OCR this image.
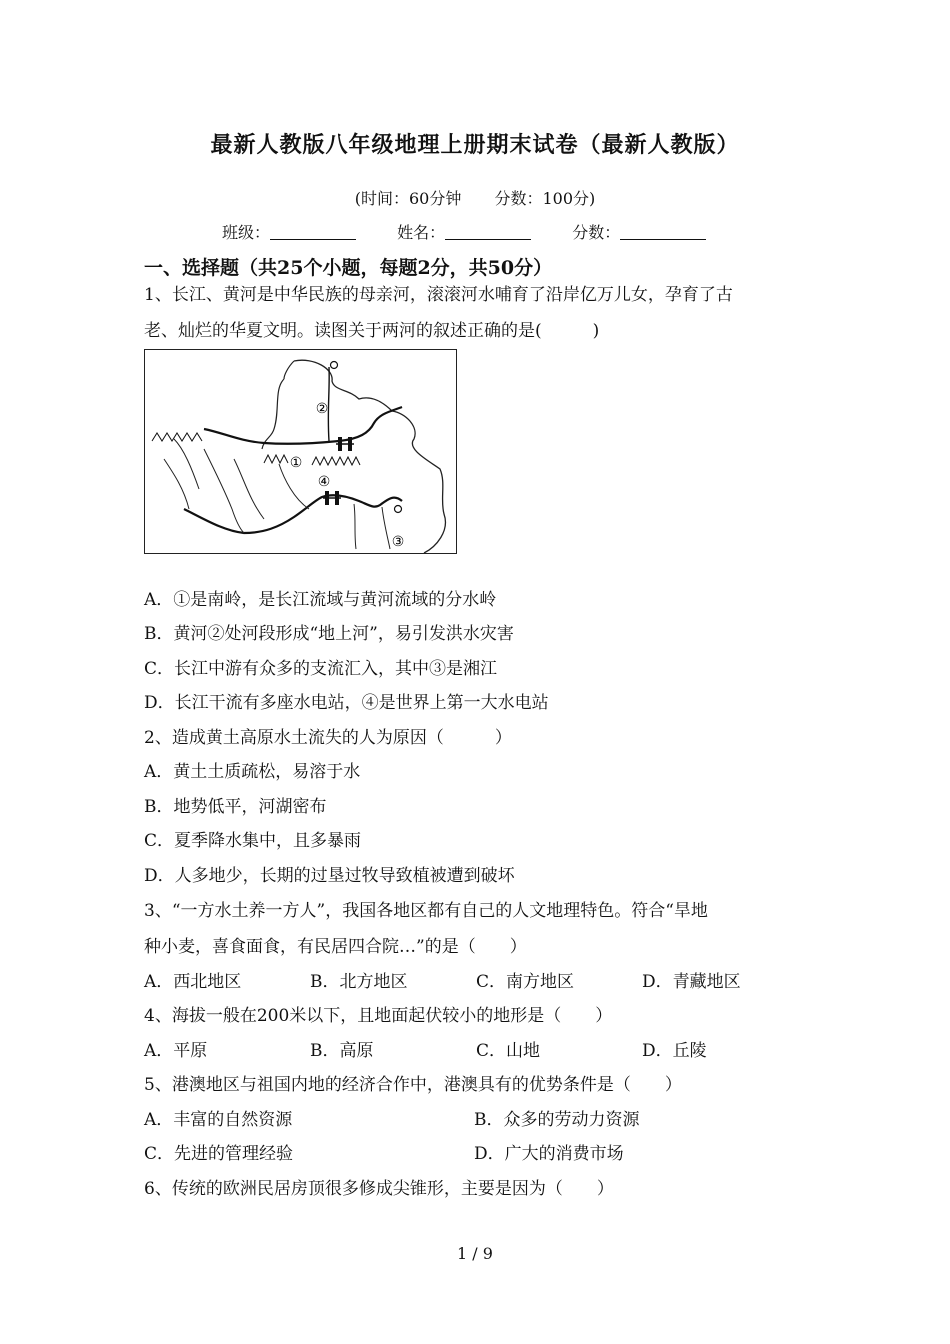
最新人教版八年级地理上册期末试卷（最新人教版）
(时间：60分钟 分数：100分)
班级：	姓名：	分数：
一、选择题（共25个小题，每题2分，共50分）
1、长江、黄河是中华民族的母亲河，滚滚河水哺育了沿岸亿万儿女，孕育了古
老、灿烂的华夏文明。读图关于两河的叙述正确的是(　　　)
②
①
④
③
A．①是南岭，是长江流域与黄河流域的分水岭
B．黄河②处河段形成“地上河”，易引发洪水灾害
C．长江中游有众多的支流汇入，其中③是湘江
D．长江干流有多座水电站，④是世界上第一大水电站
2、造成黄土高原水土流失的人为原因（　　　）
A．黄土土质疏松，易溶于水
B．地势低平，河湖密布
C．夏季降水集中，且多暴雨
D．人多地少，长期的过垦过牧导致植被遭到破坏
3、“一方水土养一方人”，我国各地区都有自己的人文地理特色。符合“旱地
种小麦，喜食面食，有民居四合院…”的是（　　）
A．西北地区	B．北方地区	C．南方地区	D．青藏地区
4、海拔一般在200米以下，且地面起伏较小的地形是（　　）
A．平原	B．高原	C．山地	D．丘陵
5、港澳地区与祖国内地的经济合作中，港澳具有的优势条件是（　　）
A．丰富的自然资源	B．众多的劳动力资源
C．先进的管理经验	D．广大的消费市场
6、传统的欧洲民居房顶很多修成尖锥形，主要是因为（　　）
1 / 9
